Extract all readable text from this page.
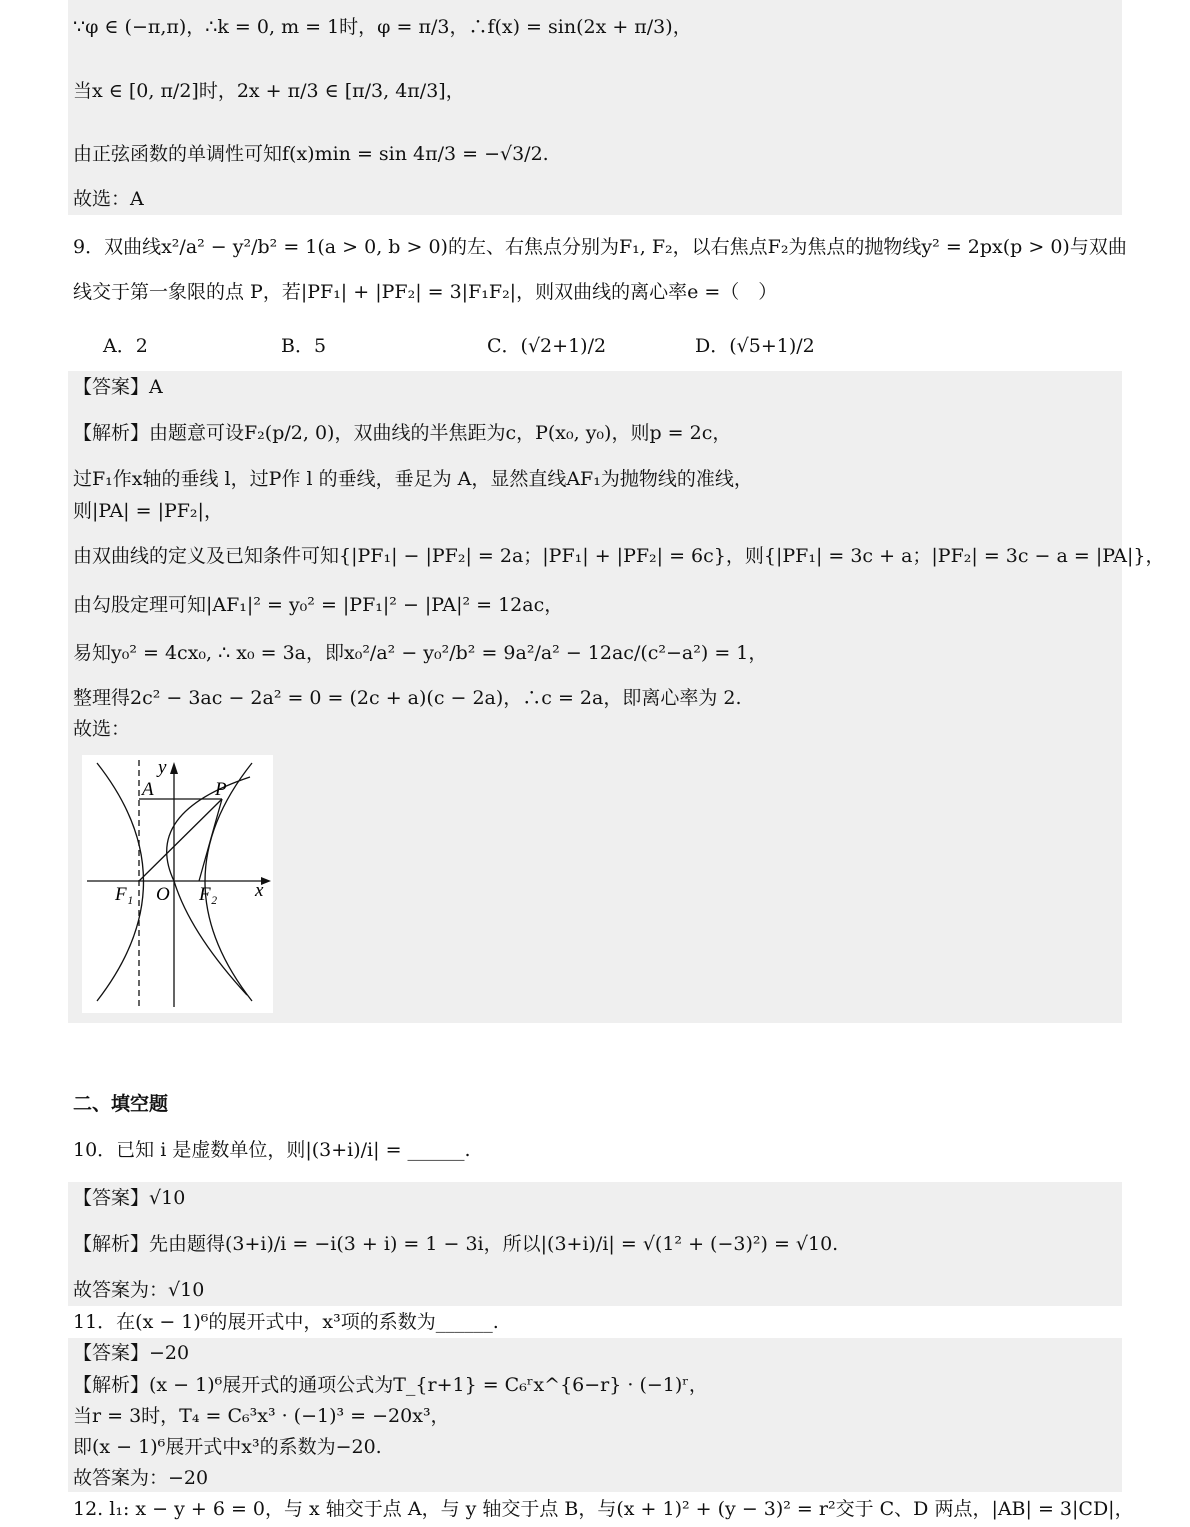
∵φ ∈ (−π,π)，∴k = 0, m = 1时，φ = π/3，∴f(x) = sin(2x + π/3)，
当x ∈ [0, π/2]时，2x + π/3 ∈ [π/3, 4π/3]，
由正弦函数的单调性可知f(x)min = sin 4π/3 = −√3/2.
故选：A
9．双曲线x²/a² − y²/b² = 1(a > 0, b > 0)的左、右焦点分别为F₁, F₂，以右焦点F₂为焦点的抛物线y² = 2px(p > 0)与双曲
线交于第一象限的点 P，若|PF₁| + |PF₂| = 3|F₁F₂|，则双曲线的离心率e =（　）
A．2	B．5	C．(√2+1)/2	D．(√5+1)/2
【答案】A
【解析】由题意可设F₂(p/2, 0)，双曲线的半焦距为c，P(x₀, y₀)，则p = 2c，
过F₁作x轴的垂线 l，过P作 l 的垂线，垂足为 A，显然直线AF₁为抛物线的准线，
则|PA| = |PF₂|，
由双曲线的定义及已知条件可知{|PF₁| − |PF₂| = 2a；|PF₁| + |PF₂| = 6c}，则{|PF₁| = 3c + a；|PF₂| = 3c − a = |PA|}，
由勾股定理可知|AF₁|² = y₀² = |PF₁|² − |PA|² = 12ac，
易知y₀² = 4cx₀, ∴ x₀ = 3a，即x₀²/a² − y₀²/b² = 9a²/a² − 12ac/(c²−a²) = 1，
整理得2c² − 3ac − 2a² = 0 = (2c + a)(c − 2a)，∴c = 2a，即离心率为 2.
故选：
y
A	P
F₁ O F₂ x
二、填空题
10．已知 i 是虚数单位，则|(3+i)/i| = ______.
【答案】√10
【解析】先由题得(3+i)/i = −i(3 + i) = 1 − 3i，所以|(3+i)/i| = √(1² + (−3)²) = √10.
故答案为：√10
11．在(x − 1)⁶的展开式中，x³项的系数为______.
【答案】−20
【解析】(x − 1)⁶展开式的通项公式为T_{r+1} = C₆ʳx^{6−r} · (−1)ʳ，
当r = 3时，T₄ = C₆³x³ · (−1)³ = −20x³，
即(x − 1)⁶展开式中x³的系数为−20.
故答案为：−20
12. l₁: x − y + 6 = 0，与 x 轴交于点 A，与 y 轴交于点 B，与(x + 1)² + (y − 3)² = r²交于 C、D 两点，|AB| = 3|CD|，
